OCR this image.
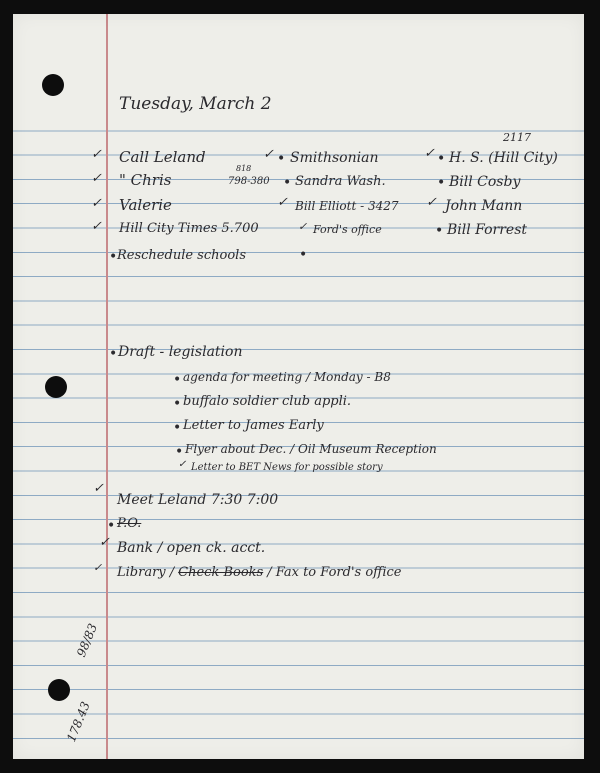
Tuesday, March 2
✓ Call Leland
✓ " Chris
818
798-380
✓ Valerie
✓ Hill City Times 5.700
✓ • Smithsonian
• Sandra Wash.
✓ Bill Elliott - 3427
✓ Ford's office
2117
✓ • H. S. (Hill City)
• Bill Cosby
✓ John Mann
• Bill Forrest
• Reschedule schools	•
• Draft - legislation
• agenda for meeting / Monday - B8
• buffalo soldier club appli.
• Letter to James Early
• Flyer about Dec. / Oil Museum Reception
✓ Letter to BET News for possible story
✓
Meet Leland 7:30 7:00
• P.O.
✓ Bank / open ck. acct.
✓ Library / Check Books / Fax to Ford's office
98/83
178.43
